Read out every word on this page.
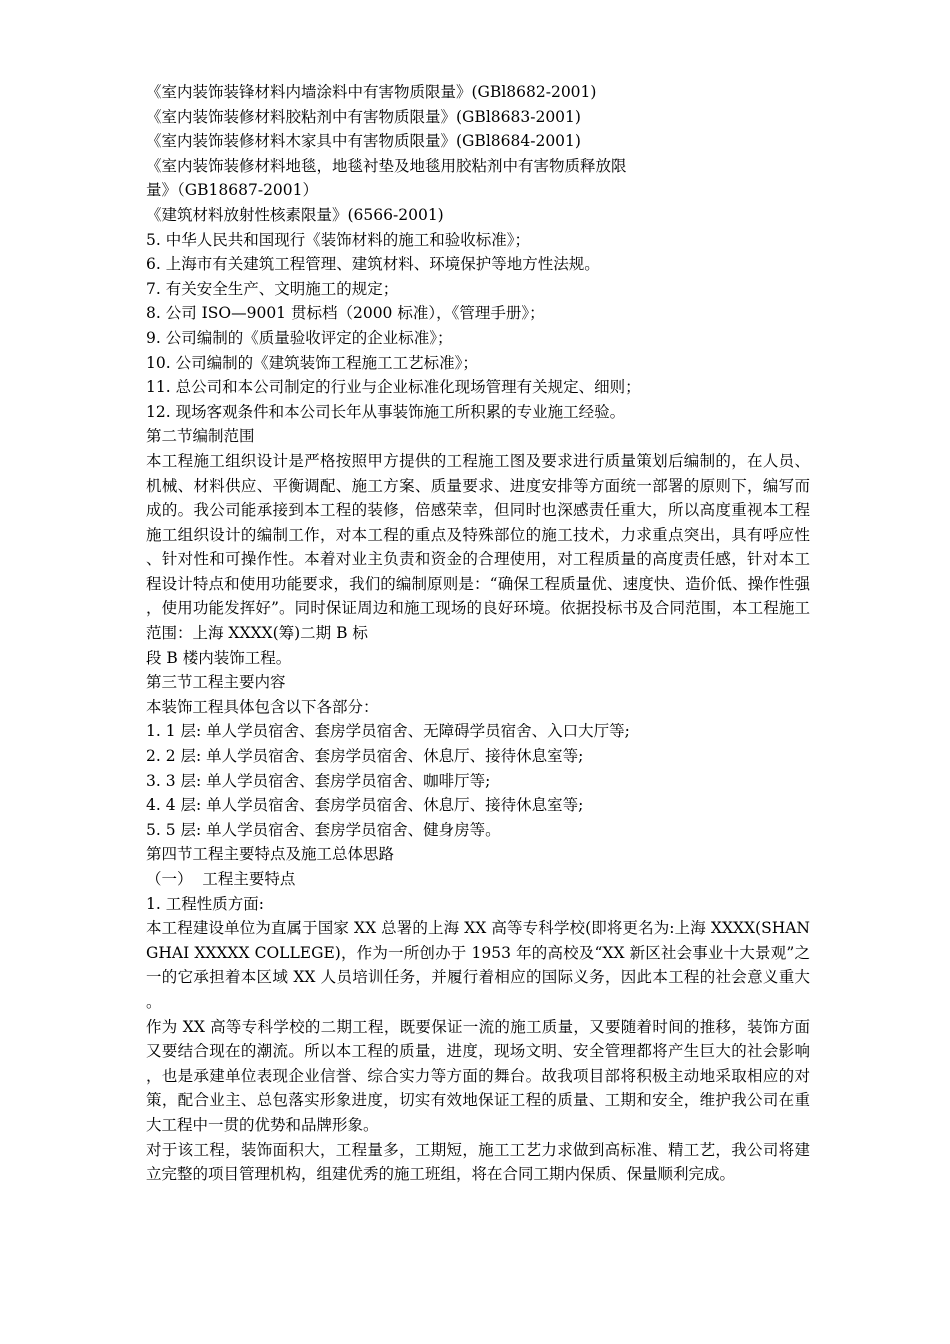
《室内装饰装锋材料内墙涂料中有害物质限量》(GBl8682-2001)
《室内装饰装修材料胶粘剂中有害物质限量》(GBl8683-2001)
《室内装饰装修材料木家具中有害物质限量》(GBl8684-2001)
《室内装饰装修材料地毯，地毯衬垫及地毯用胶粘剂中有害物质释放限
量》（GB18687-2001）
《建筑材料放射性核素限量》(6566-2001)
5. 中华人民共和国现行《装饰材料的施工和验收标准》；
6. 上海市有关建筑工程管理、建筑材料、环境保护等地方性法规。
7. 有关安全生产、文明施工的规定；
8. 公司 ISO—9001 贯标档（2000 标准），《管理手册》；
9. 公司编制的《质量验收评定的企业标准》；
10. 公司编制的《建筑装饰工程施工工艺标准》；
11. 总公司和本公司制定的行业与企业标准化现场管理有关规定、细则；
12. 现场客观条件和本公司长年从事装饰施工所积累的专业施工经验。
第二节编制范围
本工程施工组织设计是严格按照甲方提供的工程施工图及要求进行质量策划后编制的，在人员、机械、材料供应、平衡调配、施工方案、质量要求、进度安排等方面统一部署的原则下，编写而成的。我公司能承接到本工程的装修，倍感荣幸，但同时也深感责任重大，所以高度重视本工程施工组织设计的编制工作，对本工程的重点及特殊部位的施工技术，力求重点突出，具有呼应性、针对性和可操作性。本着对业主负责和资金的合理使用，对工程质量的高度责任感，针对本工程设计特点和使用功能要求，我们的编制原则是：“确保工程质量优、速度快、造价低、操作性强，使用功能发挥好”。同时保证周边和施工现场的良好环境。依据投标书及合同范围，本工程施工范围：上海 XXXX(筹)二期 B 标
段 B 楼内装饰工程。
第三节工程主要内容
本装饰工程具体包含以下各部分：
1. 1 层: 单人学员宿舍、套房学员宿舍、无障碍学员宿舍、入口大厅等;
2. 2 层: 单人学员宿舍、套房学员宿舍、休息厅、接待休息室等;
3. 3 层: 单人学员宿舍、套房学员宿舍、咖啡厅等;
4. 4 层: 单人学员宿舍、套房学员宿舍、休息厅、接待休息室等;
5. 5 层: 单人学员宿舍、套房学员宿舍、健身房等。
第四节工程主要特点及施工总体思路
（一）  工程主要特点
1. 工程性质方面:
本工程建设单位为直属于国家 XX 总署的上海 XX 高等专科学校(即将更名为:上海 XXXX(SHANGHAI XXXXX COLLEGE)，作为一所创办于 1953 年的高校及“XX 新区社会事业十大景观”之一的它承担着本区域 XX 人员培训任务，并履行着相应的国际义务，因此本工程的社会意义重大。
作为 XX 高等专科学校的二期工程，既要保证一流的施工质量，又要随着时间的推移，装饰方面又要结合现在的潮流。所以本工程的质量，进度，现场文明、安全管理都将产生巨大的社会影响，也是承建单位表现企业信誉、综合实力等方面的舞台。故我项目部将积极主动地采取相应的对策，配合业主、总包落实形象进度，切实有效地保证工程的质量、工期和安全，维护我公司在重大工程中一贯的优势和品牌形象。
对于该工程，装饰面积大，工程量多，工期短，施工工艺力求做到高标准、精工艺，我公司将建立完整的项目管理机构，组建优秀的施工班组，将在合同工期内保质、保量顺利完成。
